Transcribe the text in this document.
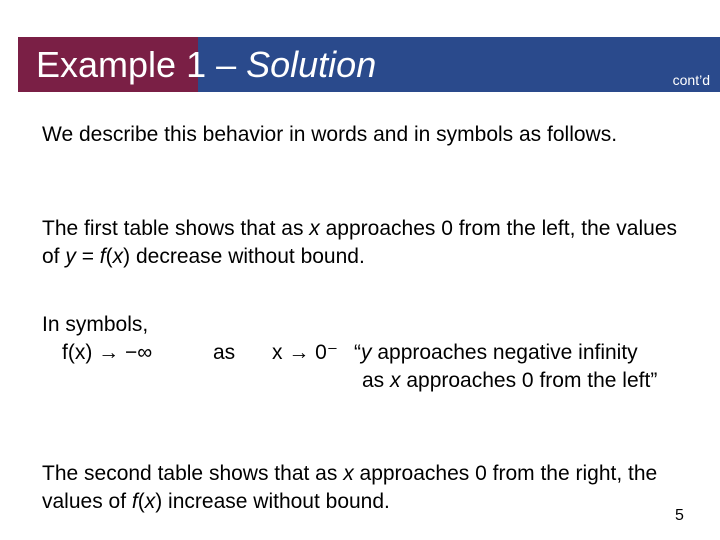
Example 1 – Solution	cont’d
We describe this behavior in words and in symbols as follows.
The first table shows that as x approaches 0 from the left, the values of y = f(x) decrease without bound.
In symbols,
f(x) → −∞	as x → 0⁻ “y approaches negative infinity as x approaches 0 from the left”
The second table shows that as x approaches 0 from the right, the values of f(x) increase without bound.
5
